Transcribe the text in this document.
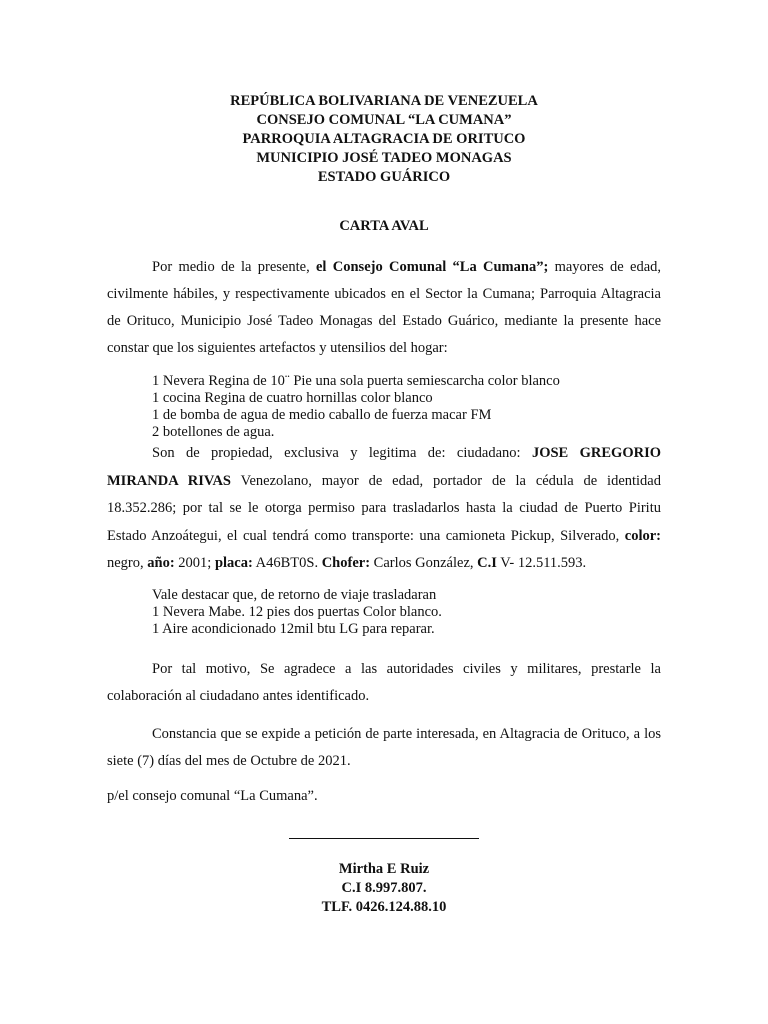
REPÚBLICA BOLIVARIANA DE VENEZUELA
CONSEJO COMUNAL “LA CUMANA”
PARROQUIA ALTAGRACIA DE ORITUCO
MUNICIPIO JOSÉ TADEO MONAGAS
ESTADO GUÁRICO
CARTA AVAL
Por medio de la presente, el Consejo Comunal “La Cumana”; mayores de edad, civilmente hábiles, y respectivamente ubicados en el Sector la Cumana; Parroquia Altagracia de Orituco, Municipio José Tadeo Monagas del Estado Guárico, mediante la presente hace constar que los siguientes artefactos y utensilios del hogar:
1 Nevera Regina de 10¨ Pie una sola puerta semiescarcha color blanco
1 cocina Regina de cuatro hornillas color blanco
1 de bomba de agua de medio caballo de fuerza macar FM
2 botellones de agua.
Son de propiedad, exclusiva y legitima de: ciudadano: JOSE GREGORIO MIRANDA RIVAS Venezolano, mayor de edad, portador de la cédula de identidad 18.352.286; por tal se le otorga permiso para trasladarlos hasta la ciudad de Puerto Piritu Estado Anzoátegui, el cual tendrá como transporte: una camioneta Pickup, Silverado, color: negro, año: 2001; placa: A46BT0S. Chofer: Carlos González, C.I V- 12.511.593.
Vale destacar que, de retorno de viaje trasladaran
1 Nevera Mabe. 12 pies dos puertas Color blanco.
1 Aire acondicionado 12mil btu LG para reparar.
Por tal motivo, Se agradece a las autoridades civiles y militares, prestarle la colaboración al ciudadano antes identificado.
Constancia que se expide a petición de parte interesada, en Altagracia de Orituco, a los siete (7) días del mes de Octubre de 2021.
p/el consejo comunal “La Cumana”.
Mirtha E Ruiz
C.I 8.997.807.
TLF. 0426.124.88.10
